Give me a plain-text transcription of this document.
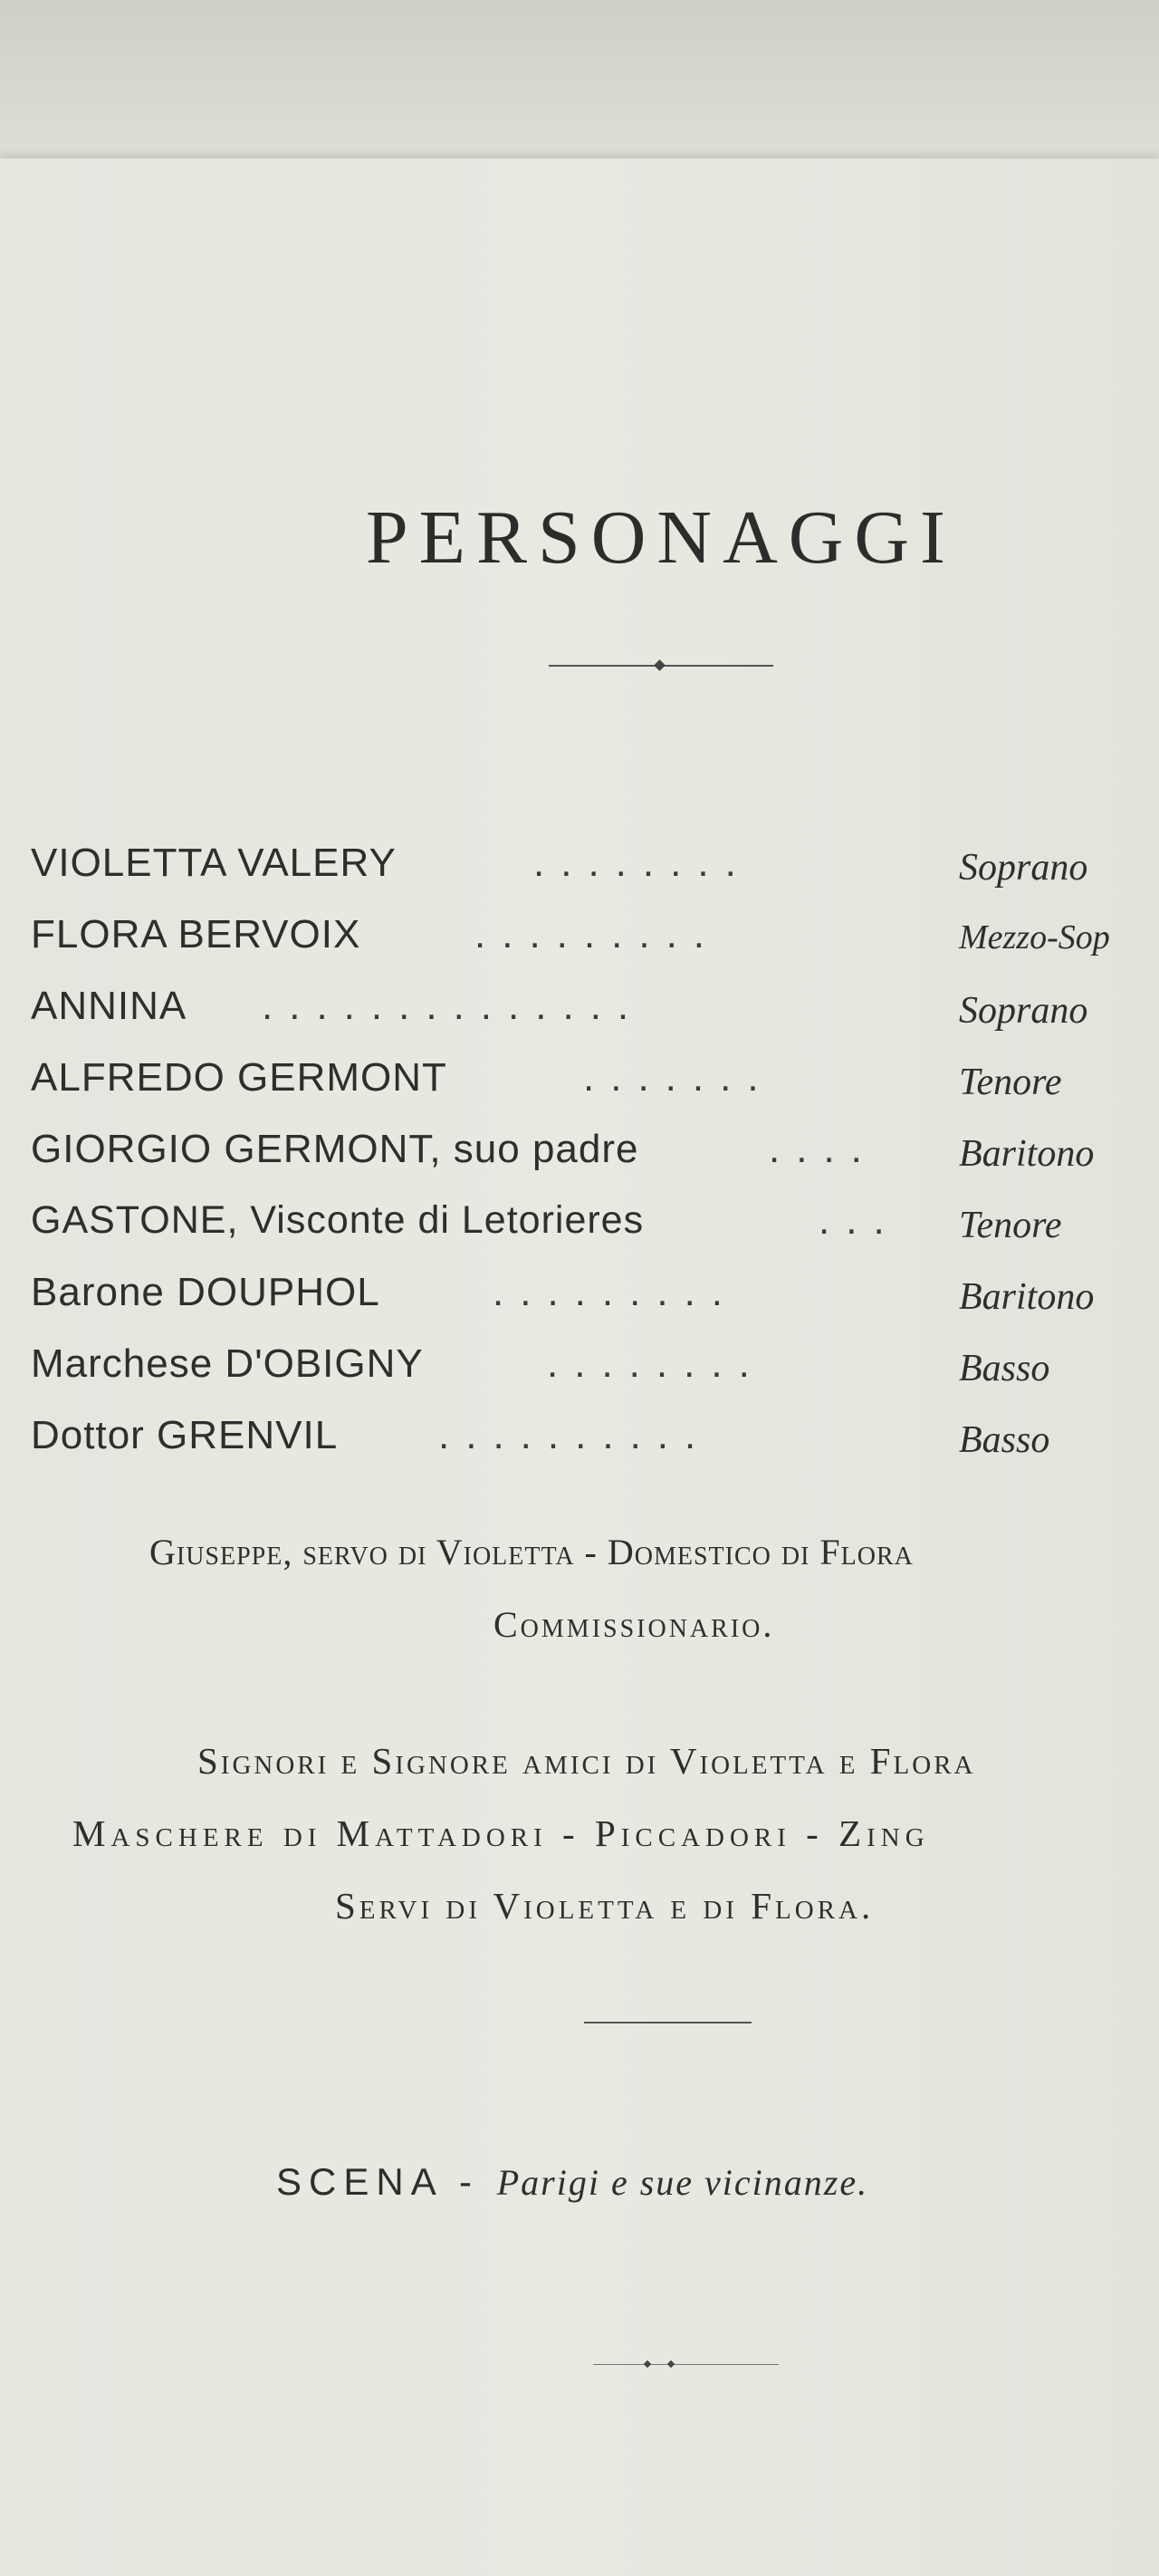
PERSONAGGI
VIOLETTA VALERY	........	Soprano
FLORA BERVOIX	.........	Mezzo-Sop
ANNINA ..............	Soprano
ALFREDO GERMONT	.......	Tenore
GIORGIO GERMONT, suo padre	.... Baritono
GASTONE, Visconte di Letorieres	... Tenore
Barone DOUPHOL	.........	Baritono
Marchese D'OBIGNY	........	Basso
Dottor GRENVIL	..........	Basso
Giuseppe, servo di Violetta - Domestico di Flora
Commissionario.
Signori e Signore amici di Violetta e Flora
Maschere di Mattadori - Piccadori - Zing
Servi di Violetta e di Flora.
SCENA - Parigi e sue vicinanze.
